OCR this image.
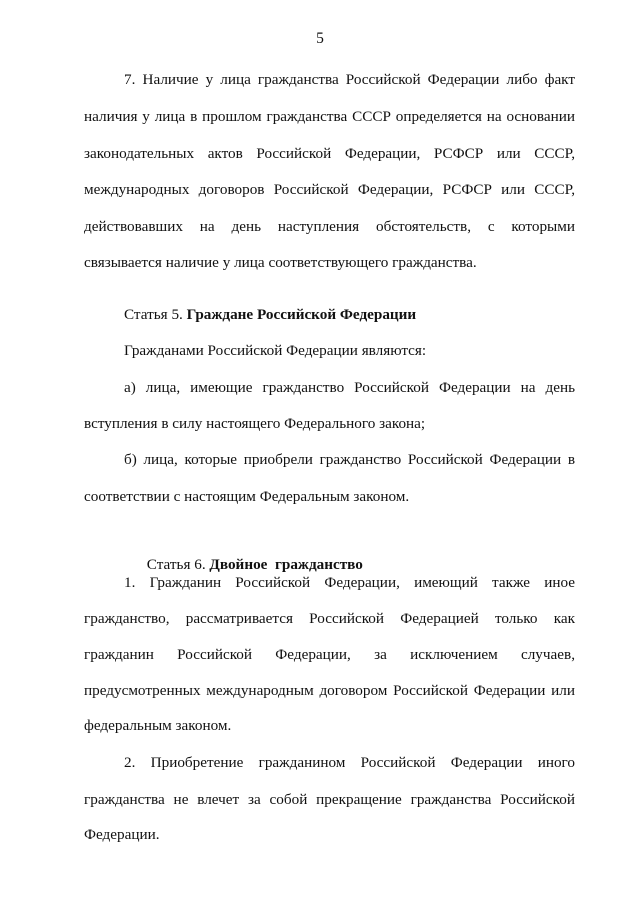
5
7. Наличие у лица гражданства Российской Федерации либо факт
наличия у лица в прошлом гражданства СССР определяется на основании
законодательных актов Российской Федерации, РСФСР или СССР,
международных договоров Российской Федерации, РСФСР или СССР,
действовавших на день наступления обстоятельств, с которыми
связывается наличие у лица соответствующего гражданства.
Статья 5. Граждане Российской Федерации
Гражданами Российской Федерации являются:
а) лица, имеющие гражданство Российской Федерации на день
вступления в силу настоящего Федерального закона;
б) лица, которые приобрели гражданство Российской Федерации в
соответствии с настоящим Федеральным законом.

Статья 6. Двойное  гражданство

1. Гражданин Российской Федерации, имеющий также иное
гражданство, рассматривается Российской Федерацией только как
гражданин Российской Федерации, за исключением случаев,
предусмотренных международным договором Российской Федерации или
федеральным законом.
2. Приобретение гражданином Российской Федерации иного
гражданства не влечет за собой прекращение гражданства Российской
Федерации.
